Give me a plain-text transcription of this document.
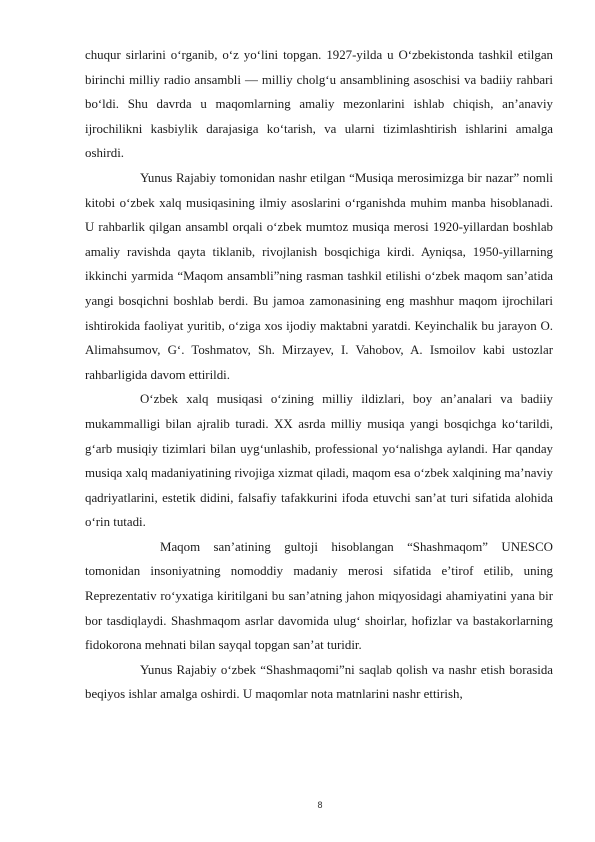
chuqur sirlarini o‘rganib, o‘z yo‘lini topgan. 1927-yilda u O‘zbekistonda tashkil etilgan birinchi milliy radio ansambli — milliy cholg‘u ansamblining asoschisi va badiiy rahbari bo‘ldi. Shu davrda u maqomlarning amaliy mezonlarini ishlab chiqish, an’anaviy ijrochilikni kasbiylik darajasiga ko‘tarish, va ularni tizimlashtirish ishlarini amalga oshirdi.

Yunus Rajabiy tomonidan nashr etilgan “Musiqa merosimizga bir nazar” nomli kitobi o‘zbek xalq musiqasining ilmiy asoslarini o‘rganishda muhim manba hisoblanadi. U rahbarlik qilgan ansambl orqali o‘zbek mumtoz musiqa merosi 1920-yillardan boshlab amaliy ravishda qayta tiklanib, rivojlanish bosqichiga kirdi. Ayniqsa, 1950-yillarning ikkinchi yarmida “Maqom ansambli”ning rasman tashkil etilishi o‘zbek maqom san’atida yangi bosqichni boshlab berdi. Bu jamoa zamonasining eng mashhur maqom ijrochilari ishtirokida faoliyat yuritib, o‘ziga xos ijodiy maktabni yaratdi. Keyinchalik bu jarayon O. Alimahsumov, G‘. Toshmatov, Sh. Mirzayev, I. Vahobov, A. Ismoilov kabi ustozlar rahbarligida davom ettirildi.

O‘zbek xalq musiqasi o‘zining milliy ildizlari, boy an’analari va badiiy mukammalligi bilan ajralib turadi. XX asrda milliy musiqa yangi bosqichga ko‘tarildi, g‘arb musiqiy tizimlari bilan uyg‘unlashib, professional yo‘nalishga aylandi. Har qanday musiqa xalq madaniyatining rivojiga xizmat qiladi, maqom esa o‘zbek xalqining ma’naviy qadriyatlarini, estetik didini, falsafiy tafakkurini ifoda etuvchi san’at turi sifatida alohida o‘rin tutadi.

Maqom san’atining gultoji hisoblangan “Shashmaqom” UNESCO tomonidan insoniyatning nomoddiy madaniy merosi sifatida e’tirof etilib, uning Reprezentativ ro‘yxatiga kiritilgani bu san’atning jahon miqyosidagi ahamiyatini yana bir bor tasdiqlaydi. Shashmaqom asrlar davomida ulug‘ shoirlar, hofizlar va bastakorlarning fidokorona mehnati bilan sayqal topgan san’at turidir.

Yunus Rajabiy o‘zbek “Shashmaqomi”ni saqlab qolish va nashr etish borasida beqiyos ishlar amalga oshirdi. U maqomlar nota matnlarini nashr ettirish,

8
